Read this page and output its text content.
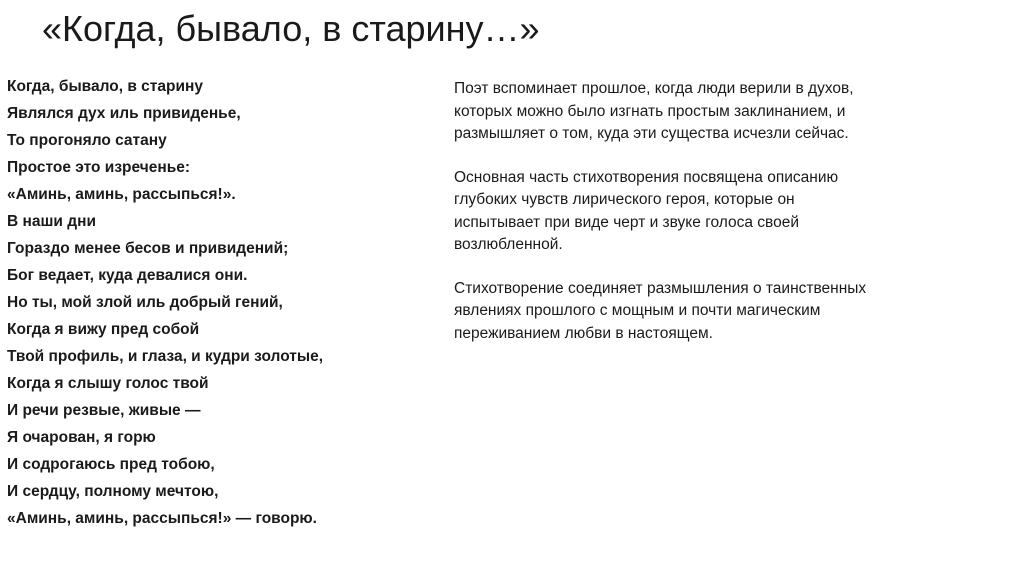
«Когда, бывало, в старину…»
Когда, бывало, в старину
Являлся дух иль привиденье,
То прогоняло сатану
Простое это изреченье:
«Аминь, аминь, рассыпься!».
В наши дни
Гораздо менее бесов и привидений;
Бог ведает, куда девалися они.
Но ты, мой злой иль добрый гений,
Когда я вижу пред собой
Твой профиль, и глаза, и кудри золотые,
Когда я слышу голос твой
И речи резвые, живые —
Я очарован, я горю
И содрогаюсь пред тобою,
И сердцу, полному мечтою,
«Аминь, аминь, рассыпься!» — говорю.

Поэт вспоминает прошлое, когда люди верили в духов,
которых можно было изгнать простым заклинанием, и
размышляет о том, куда эти существа исчезли сейчас.

Основная часть стихотворения посвящена описанию
глубоких чувств лирического героя, которые он
испытывает при виде черт и звуке голоса своей
возлюбленной.

Стихотворение соединяет размышления о таинственных
явлениях прошлого с мощным и почти магическим
переживанием любви в настоящем.
